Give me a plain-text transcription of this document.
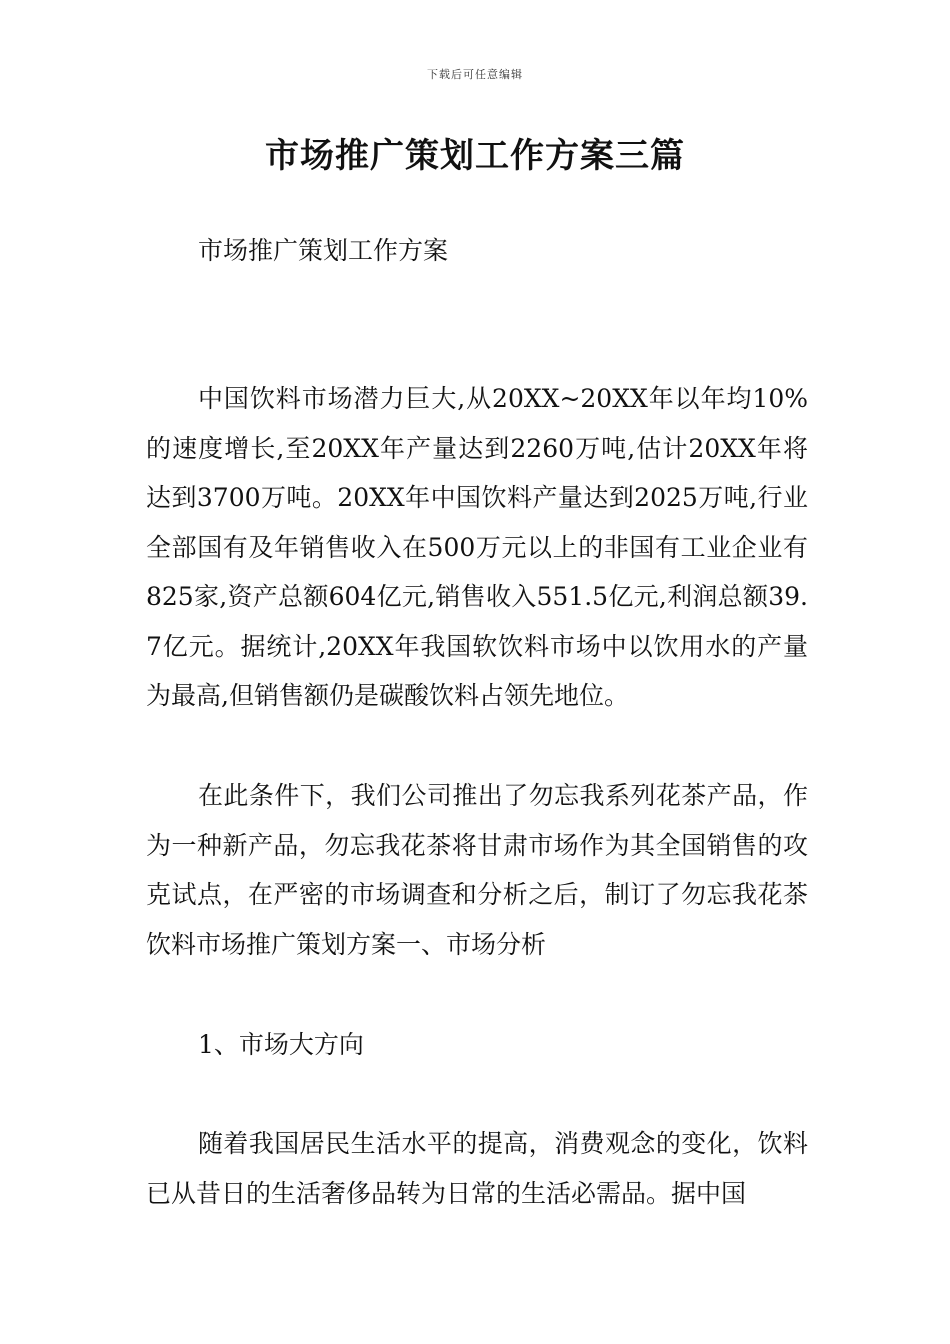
下载后可任意编辑
市场推广策划工作方案三篇

市场推广策划工作方案

中国饮料市场潜力巨大,从20XX~20XX年以年均10%的速度增长,至20XX年产量达到2260万吨,估计20XX年将达到3700万吨。20XX年中国饮料产量达到2025万吨,行业全部国有及年销售收入在500万元以上的非国有工业企业有825家,资产总额604亿元,销售收入551.5亿元,利润总额39.7亿元。据统计,20XX年我国软饮料市场中以饮用水的产量为最高,但销售额仍是碳酸饮料占领先地位。

在此条件下，我们公司推出了勿忘我系列花茶产品，作为一种新产品，勿忘我花茶将甘肃市场作为其全国销售的攻克试点，在严密的市场调查和分析之后，制订了勿忘我花茶饮料市场推广策划方案一、市场分析

1、市场大方向

随着我国居民生活水平的提高，消费观念的变化，饮料已从昔日的生活奢侈品转为日常的生活必需品。据中国
